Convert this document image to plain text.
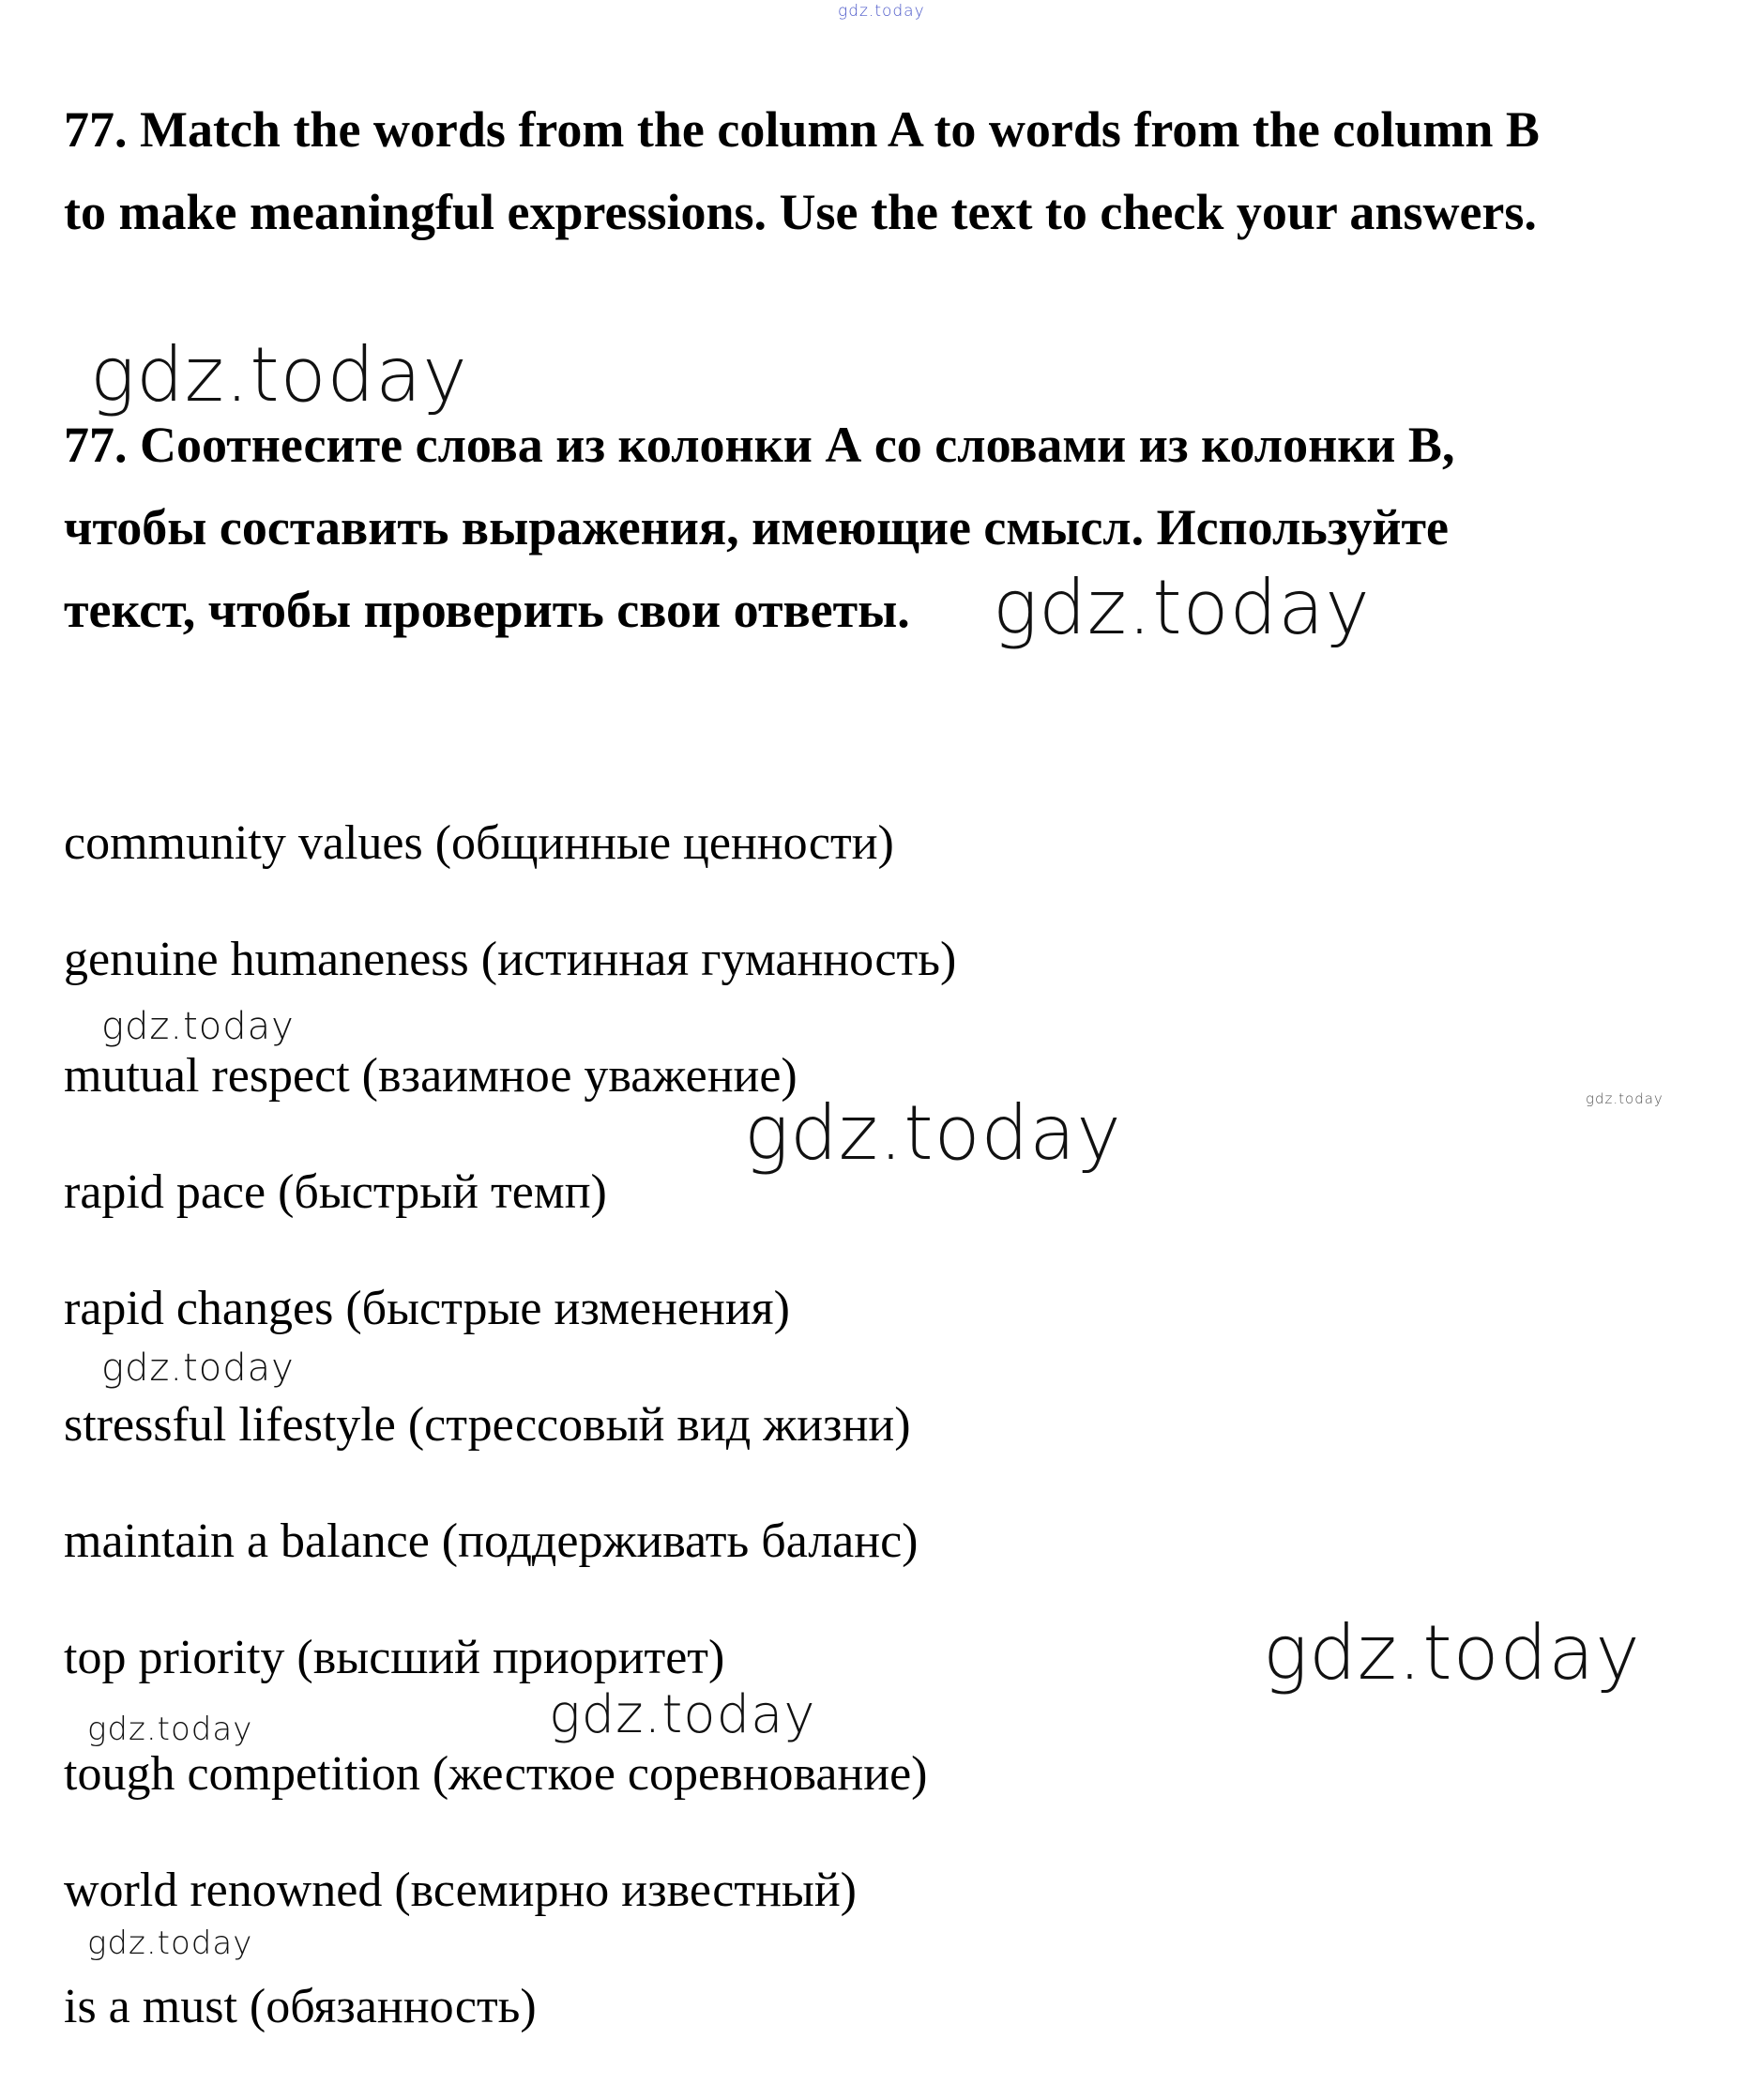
77. Match the words from the column A to words from the column B
to make meaningful expressions. Use the text to check your answers.
77. Соотнесите слова из колонки А со словами из колонки В,
чтобы составить выражения, имеющие смысл. Используйте
текст, чтобы проверить свои ответы.
community values (общинные ценности)
genuine humaneness (истинная гуманность)
mutual respect (взаимное уважение)
rapid pace (быстрый темп)
rapid changes (быстрые изменения)
stressful lifestyle (стрессовый вид жизни)
maintain a balance (поддерживать баланс)
top priority (высший приоритет)
tough competition (жесткое соревнование)
world renowned (всемирно известный)
is a must (обязанность)
gdz.today
gdz.today
gdz.today
gdz.today
gdz.today
gdz.today
gdz.today
gdz.today
gdz.today
gdz.today
gdz.today
